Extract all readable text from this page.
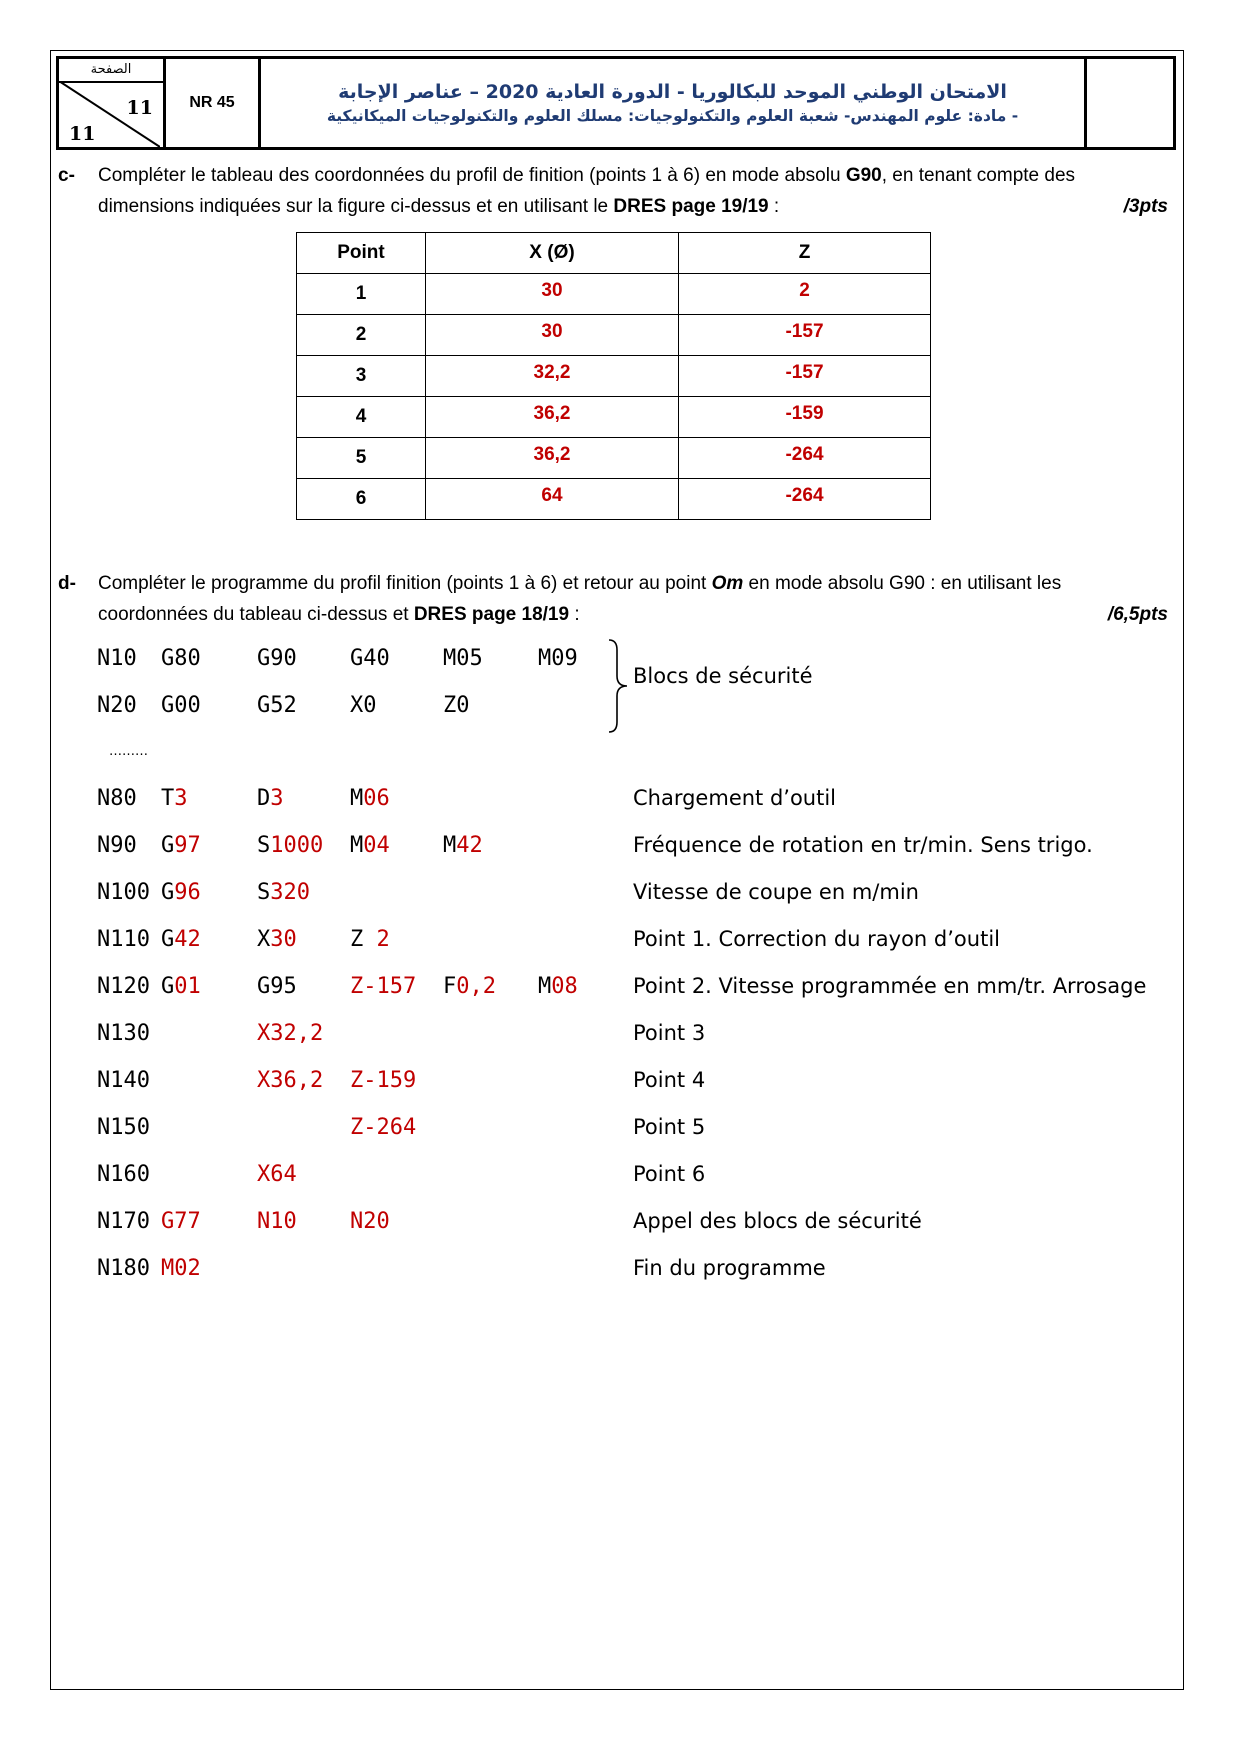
الصفحة
11
11
NR 45	الامتحان الوطني الموحد للبكالوريا - الدورة العادية 2020 – عناصر الإجابة
- مادة: علوم المهندس- شعبة العلوم والتكنولوجيات: مسلك العلوم والتكنولوجيات الميكانيكية
c- Compléter le tableau des coordonnées du profil de finition (points 1 à 6) en mode absolu G90, en tenant compte des dimensions indiquées sur la figure ci-dessus et en utilisant le DRES page 19/19 :	/3pts
Point	X (Ø)	Z
1	30	2
2	30	-157
3	32,2	-157
4	36,2	-159
5	36,2	-264
6	64	-264
d- Compléter le programme du profil finition (points 1 à 6) et retour au point Om en mode absolu G90 : en utilisant les coordonnées du tableau ci-dessus et DRES page 18/19 :	/6,5pts
Blocs de sécurité
N10 G80	G90 G40 M05	M09
N20 G00	G52 X0	Z0
………
N80 T3	D3	M06	Chargement d’outil
N90 G97	S1000 M04 M42	Fréquence de rotation en tr/min. Sens trigo.
N100 G96	S320	Vitesse de coupe en m/min
N110 G42	X30 Z 2	Point 1. Correction du rayon d’outil
N120 G01	G95 Z-157 F0,2 M08	Point 2. Vitesse programmée en mm/tr. Arrosage
N130	X32,2	Point 3
N140	X36,2 Z-159	Point 4
N150	Z-264	Point 5
N160	X64	Point 6
N170 G77	N10 N20	Appel des blocs de sécurité
N180 M02	Fin du programme
